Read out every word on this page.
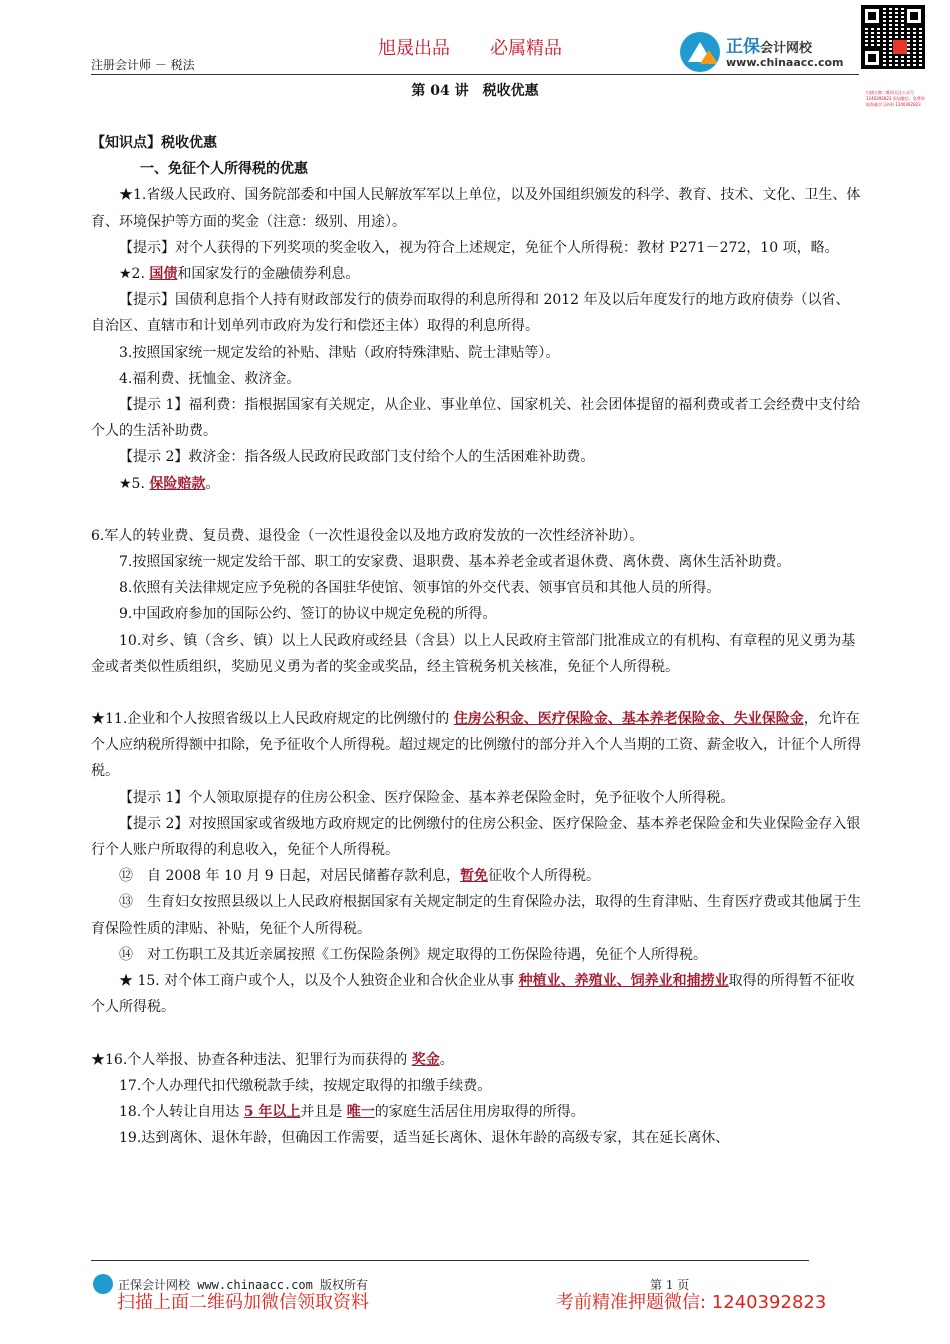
旭晟出品 必属精品
注册会计师 － 税法
正保会计网校
www.chinaacc.com
扫描左侧二维码关注公众号 1240392823 添加微信，免费领取海量学习资料 1240392823
第 04 讲　税收优惠

【知识点】税收优惠

一、免征个人所得税的优惠

★1.省级人民政府、国务院部委和中国人民解放军军以上单位，以及外国组织颁发的科学、教育、技术、文化、卫生、体育、环境保护等方面的奖金（注意：级别、用途）。

【提示】对个人获得的下列奖项的奖金收入，视为符合上述规定，免征个人所得税：教材 P271－272，10 项，略。

★2. 国债和国家发行的金融债券利息。

【提示】国债利息指个人持有财政部发行的债券而取得的利息所得和 2012 年及以后年度发行的地方政府债券（以省、自治区、直辖市和计划单列市政府为发行和偿还主体）取得的利息所得。

3.按照国家统一规定发给的补贴、津贴（政府特殊津贴、院士津贴等）。

4.福利费、抚恤金、救济金。

【提示 1】福利费：指根据国家有关规定，从企业、事业单位、国家机关、社会团体提留的福利费或者工会经费中支付给个人的生活补助费。

【提示 2】救济金：指各级人民政府民政部门支付给个人的生活困难补助费。

★5. 保险赔款。

6.军人的转业费、复员费、退役金（一次性退役金以及地方政府发放的一次性经济补助）。

7.按照国家统一规定发给干部、职工的安家费、退职费、基本养老金或者退休费、离休费、离休生活补助费。

8.依照有关法律规定应予免税的各国驻华使馆、领事馆的外交代表、领事官员和其他人员的所得。

9.中国政府参加的国际公约、签订的协议中规定免税的所得。

10.对乡、镇（含乡、镇）以上人民政府或经县（含县）以上人民政府主管部门批准成立的有机构、有章程的见义勇为基金或者类似性质组织，奖励见义勇为者的奖金或奖品，经主管税务机关核准，免征个人所得税。

★11.企业和个人按照省级以上人民政府规定的比例缴付的 住房公积金、医疗保险金、基本养老保险金、失业保险金，允许在个人应纳税所得额中扣除，免予征收个人所得税。超过规定的比例缴付的部分并入个人当期的工资、薪金收入，计征个人所得税。

【提示 1】个人领取原提存的住房公积金、医疗保险金、基本养老保险金时，免予征收个人所得税。

【提示 2】对按照国家或省级地方政府规定的比例缴付的住房公积金、医疗保险金、基本养老保险金和失业保险金存入银行个人账户所取得的利息收入，免征个人所得税。

⑫　自 2008 年 10 月 9 日起，对居民储蓄存款利息，暂免征收个人所得税。

⑬　生育妇女按照县级以上人民政府根据国家有关规定制定的生育保险办法，取得的生育津贴、生育医疗费或其他属于生育保险性质的津贴、补贴，免征个人所得税。

⑭　对工伤职工及其近亲属按照《工伤保险条例》规定取得的工伤保险待遇，免征个人所得税。

★ 15. 对个体工商户或个人，以及个人独资企业和合伙企业从事 种植业、养殖业、饲养业和捕捞业取得的所得暂不征收个人所得税。

★16.个人举报、协查各种违法、犯罪行为而获得的 奖金。

17.个人办理代扣代缴税款手续，按规定取得的扣缴手续费。

18.个人转让自用达 5 年以上并且是 唯一的家庭生活居住用房取得的所得。

19.达到离休、退休年龄，但确因工作需要，适当延长离休、退休年龄的高级专家，其在延长离休、

正保会计网校 www.chinaacc.com 版权所有	第 1 页
扫描上面二维码加微信领取资料	考前精准押题微信: 1240392823
